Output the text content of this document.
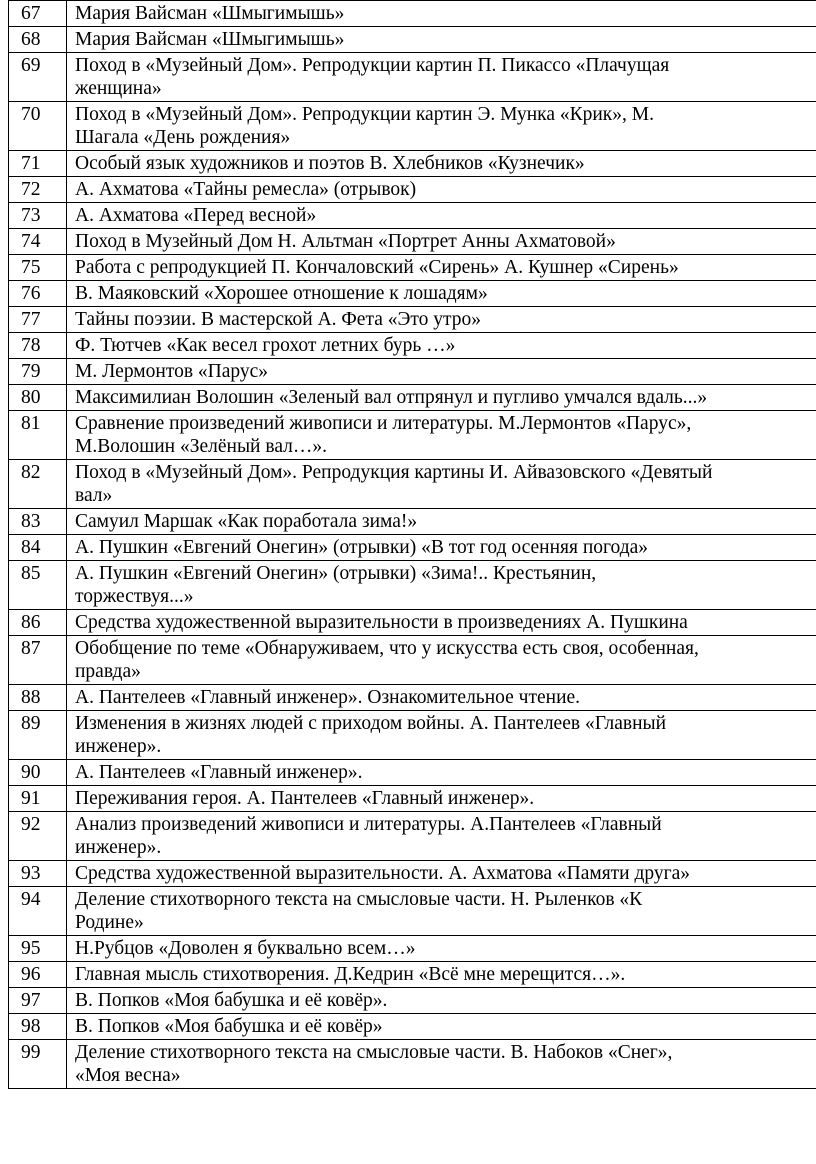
67	Мария Вайсман «Шмыгимышь»

68	Мария Вайсман «Шмыгимышь»

69	Поход в «Музейный Дом». Репродукции картин П. Пикассо «Плачущая
женщина»

70	Поход в «Музейный Дом». Репродукции картин Э. Мунка «Крик», М.
Шагала «День рождения»

71	Особый язык художников и поэтов В. Хлебников «Кузнечик»

72	А. Ахматова «Тайны ремесла» (отрывок)

73	А. Ахматова «Перед весной»

74	Поход в Музейный Дом Н. Альтман «Портрет Анны Ахматовой»

75	Работа с репродукцией П. Кончаловский «Сирень» А. Кушнер «Сирень»

76	В. Маяковский «Хорошее отношение к лошадям»

77	Тайны поэзии. В мастерской А. Фета «Это утро»

78	Ф. Тютчев «Как весел грохот летних бурь …»

79	М. Лермонтов «Парус»

80	Максимилиан Волошин «Зеленый вал отпрянул и пугливо умчался вдаль...»

81	Сравнение произведений живописи и литературы. М.Лермонтов «Парус»,
М.Волошин «Зелёный вал…».

82	Поход в «Музейный Дом». Репродукция картины И. Айвазовского «Девятый
вал»

83	Самуил Маршак «Как поработала зима!»

84	А. Пушкин «Евгений Онегин» (отрывки) «В тот год осенняя погода»

85	А. Пушкин «Евгений Онегин» (отрывки) «Зима!.. Крестьянин,
торжествуя...»

86	Средства художественной выразительности в произведениях А. Пушкина

87	Обобщение по теме «Обнаруживаем, что у искусства есть своя, особенная,
правда»

88	А. Пантелеев «Главный инженер». Ознакомительное чтение.

89	Изменения в жизнях людей с приходом войны. А. Пантелеев «Главный
инженер».

90	А. Пантелеев «Главный инженер».

91	Переживания героя. А. Пантелеев «Главный инженер».

92	Анализ произведений живописи и литературы. А.Пантелеев «Главный
инженер».

93	Средства художественной выразительности. А. Ахматова «Памяти друга»

94	Деление стихотворного текста на смысловые части. Н. Рыленков «К
Родине»

95	Н.Рубцов «Доволен я буквально всем…»

96	Главная мысль стихотворения. Д.Кедрин «Всё мне мерещится…».

97	В. Попков «Моя бабушка и её ковёр».

98	В. Попков «Моя бабушка и её ковёр»

99	Деление стихотворного текста на смысловые части. В. Набоков «Снег»,
«Моя весна»
